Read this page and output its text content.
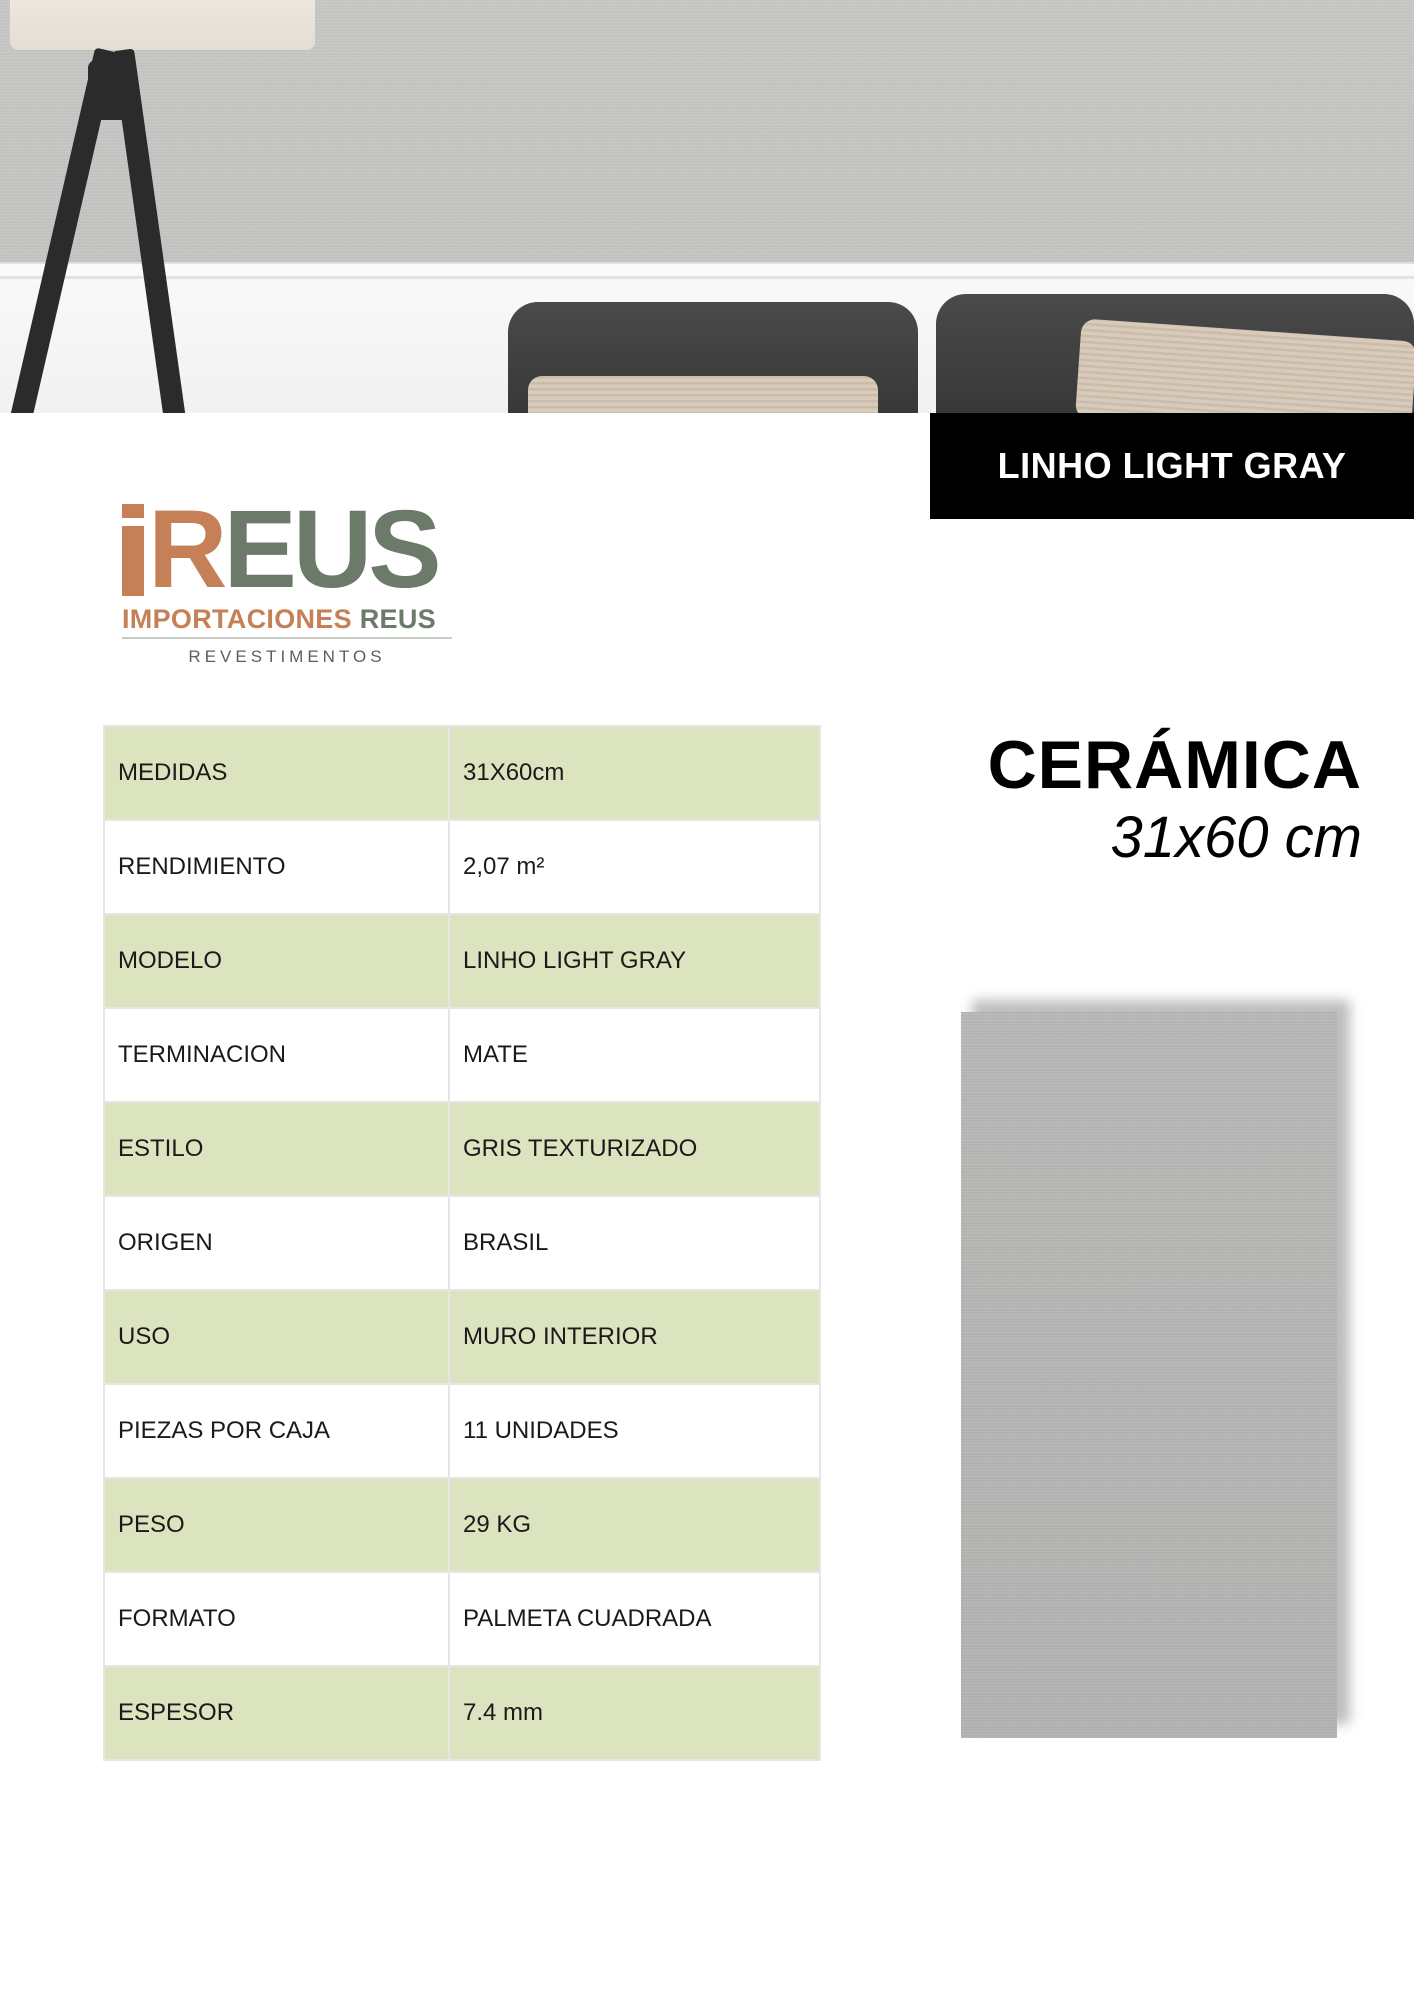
LINHO LIGHT GRAY
REUS
IMPORTACIONES REUS
REVESTIMENTOS
MEDIDAS	31X60cm
RENDIMIENTO	2,07 m²
MODELO	LINHO LIGHT GRAY
TERMINACION	MATE
ESTILO	GRIS TEXTURIZADO
ORIGEN	BRASIL
USO	MURO INTERIOR
PIEZAS POR CAJA	11 UNIDADES
PESO	29 KG
FORMATO	PALMETA CUADRADA
ESPESOR	7.4 mm
CERÁMICA
31x60 cm
